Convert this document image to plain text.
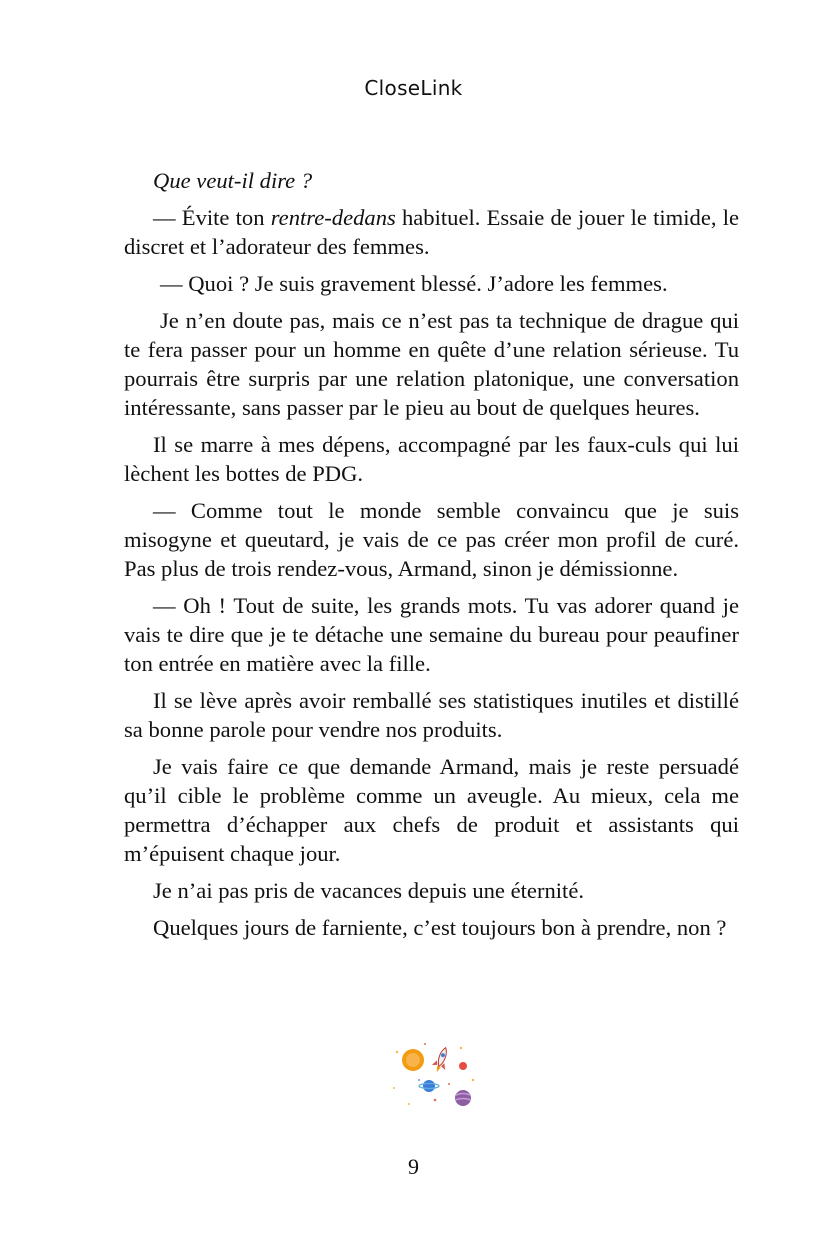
CloseLink

Que veut-il dire ?

— Évite ton rentre-dedans habituel. Essaie de jouer le timide, le discret et l’adorateur des femmes.

— Quoi ? Je suis gravement blessé. J’adore les femmes.

Je n’en doute pas, mais ce n’est pas ta technique de drague qui te fera passer pour un homme en quête d’une relation sérieuse. Tu pourrais être surpris par une relation platonique, une conversation intéressante, sans passer par le pieu au bout de quelques heures.

Il se marre à mes dépens, accompagné par les faux-culs qui lui lèchent les bottes de PDG.

— Comme tout le monde semble convaincu que je suis misogyne et queutard, je vais de ce pas créer mon profil de curé. Pas plus de trois rendez-vous, Armand, sinon je démissionne.

— Oh ! Tout de suite, les grands mots. Tu vas adorer quand je vais te dire que je te détache une semaine du bureau pour peaufiner ton entrée en matière avec la fille.

Il se lève après avoir remballé ses statistiques inutiles et distillé sa bonne parole pour vendre nos produits.

Je vais faire ce que demande Armand, mais je reste persuadé qu’il cible le problème comme un aveugle. Au mieux, cela me permettra d’échapper aux chefs de produit et assistants qui m’épuisent chaque jour.

Je n’ai pas pris de vacances depuis une éternité.

Quelques jours de farniente, c’est toujours bon à prendre, non ?

9
